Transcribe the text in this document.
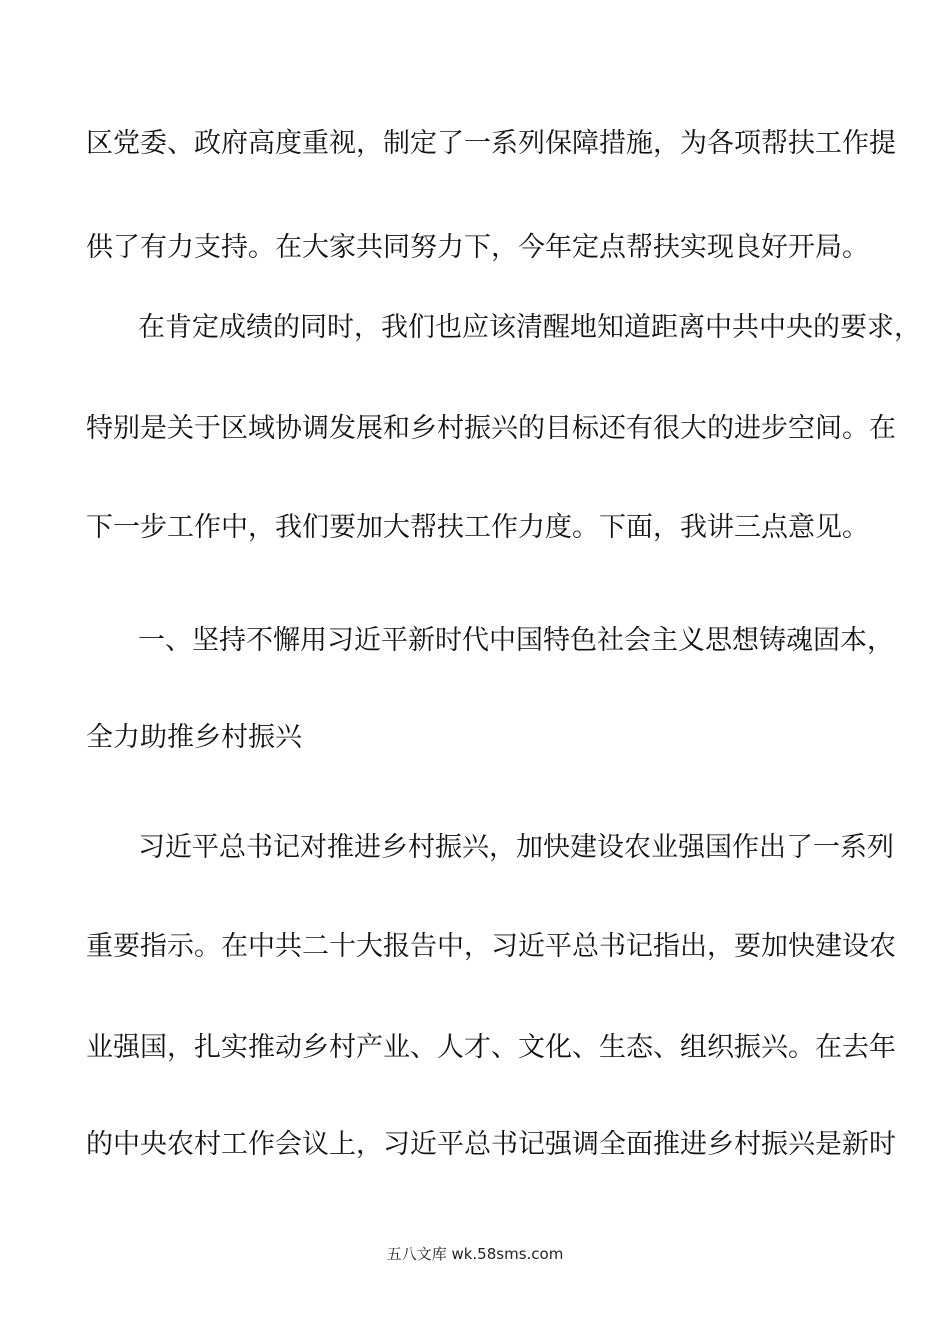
区党委、政府高度重视，制定了一系列保障措施，为各项帮扶工作提
供了有力支持。在大家共同努力下，今年定点帮扶实现良好开局。
在肯定成绩的同时，我们也应该清醒地知道距离中共中央的要求，
特别是关于区域协调发展和乡村振兴的目标还有很大的进步空间。在
下一步工作中，我们要加大帮扶工作力度。下面，我讲三点意见。
一、坚持不懈用习近平新时代中国特色社会主义思想铸魂固本，
全力助推乡村振兴
习近平总书记对推进乡村振兴，加快建设农业强国作出了一系列
重要指示。在中共二十大报告中，习近平总书记指出，要加快建设农
业强国，扎实推动乡村产业、人才、文化、生态、组织振兴。在去年
的中央农村工作会议上，习近平总书记强调全面推进乡村振兴是新时
五八文库 wk.58sms.com
